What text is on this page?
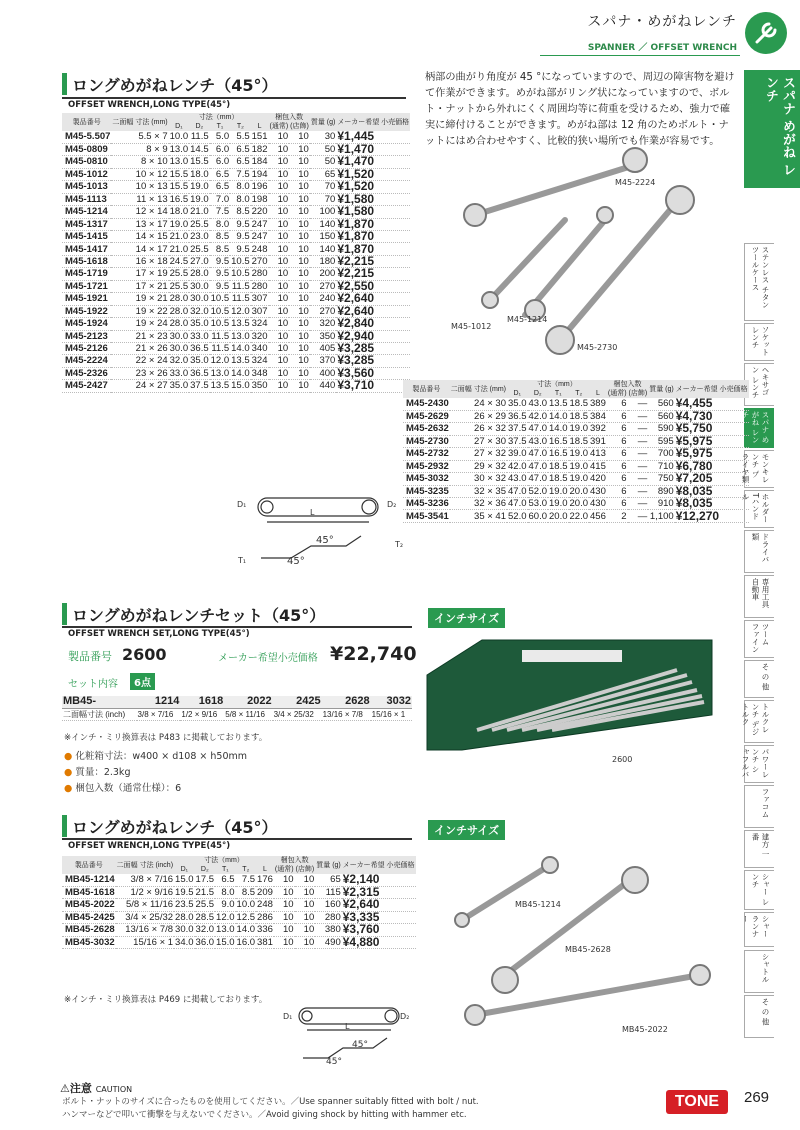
スパナ・めがねレンチ
SPANNER ／ OFFSET WRENCH
スパナ めがね レンチ
ステンレス チタン ツールケース
ソケット レンチ
ヘキサゴン レンチ
スパナ めがね レンチ
モンキレンチ プライヤ類
ホルダー Tハンドル
ドライバ類
専用工具 自動車
ツーム ファイン
そ の 他
トルクレンチ デジトルク
パワーレンチ シャフルバ
ファコム
建方 一番
シャー レンチ
シャー ランナー
シャトル
そ の 他
ロングめがねレンチ（45°）
OFFSET WRENCH,LONG TYPE(45°)
製品番号	二面幅 寸法 (mm)	寸法（mm）					梱包入数		質量 (g)	メーカー希望 小売価格
		D₁	D₂	T₁	T₂	L	(通常)	(店飾)		
M45-5.507	5.5 × 7	10.0	11.5	5.0	5.5	151	10	10	30	¥1,445
M45-0809	8 × 9	13.0	14.5	6.0	6.5	182	10	10	50	¥1,470
M45-0810	8 × 10	13.0	15.5	6.0	6.5	184	10	10	50	¥1,470
M45-1012	10 × 12	15.5	18.0	6.5	7.5	194	10	10	65	¥1,520
M45-1013	10 × 13	15.5	19.0	6.5	8.0	196	10	10	70	¥1,520
M45-1113	11 × 13	16.5	19.0	7.0	8.0	198	10	10	70	¥1,580
M45-1214	12 × 14	18.0	21.0	7.5	8.5	220	10	10	100	¥1,580
M45-1317	13 × 17	19.0	25.5	8.0	9.5	247	10	10	140	¥1,870
M45-1415	14 × 15	21.0	23.0	8.5	9.5	247	10	10	150	¥1,870
M45-1417	14 × 17	21.0	25.5	8.5	9.5	248	10	10	140	¥1,870
M45-1618	16 × 18	24.5	27.0	9.5	10.5	270	10	10	180	¥2,215
M45-1719	17 × 19	25.5	28.0	9.5	10.5	280	10	10	200	¥2,215
M45-1721	17 × 21	25.5	30.0	9.5	11.5	280	10	10	270	¥2,550
M45-1921	19 × 21	28.0	30.0	10.5	11.5	307	10	10	240	¥2,640
M45-1922	19 × 22	28.0	32.0	10.5	12.0	307	10	10	270	¥2,640
M45-1924	19 × 24	28.0	35.0	10.5	13.5	324	10	10	320	¥2,840
M45-2123	21 × 23	30.0	33.0	11.5	13.0	320	10	10	350	¥2,940
M45-2126	21 × 26	30.0	36.5	11.5	14.0	340	10	10	405	¥3,285
M45-2224	22 × 24	32.0	35.0	12.0	13.5	324	10	10	370	¥3,285
M45-2326	23 × 26	33.0	36.5	13.0	14.0	348	10	10	400	¥3,560
M45-2427	24 × 27	35.0	37.5	13.5	15.0	350	10	10	440	¥3,710
柄部の曲がり角度が 45 °になっていますので、周辺の障害物を避けて作業ができます。めがね部がリング状になっていますので、ボルト・ナットから外れにくく周囲均等に荷重を受けるため、強力で確実に締付けることができます。めがね部は 12 角のためボルト・ナットにはめ合わせやすく、比較的狭い場所でも作業が容易です。
M45-2224
M45-1012
M45-1214
M45-2730
製品番号	二面幅 寸法 (mm)	寸法（mm）					梱包入数		質量 (g)	メーカー希望 小売価格
		D₁	D₂	T₁	T₂	L	(通常)	(店飾)		
M45-2430	24 × 30	35.0	43.0	13.5	18.5	389	6	—	560	¥4,455
M45-2629	26 × 29	36.5	42.0	14.0	18.5	384	6	—	560	¥4,730
M45-2632	26 × 32	37.5	47.0	14.0	19.0	392	6	—	590	¥5,750
M45-2730	27 × 30	37.5	43.0	16.5	18.5	391	6	—	595	¥5,975
M45-2732	27 × 32	39.0	47.0	16.5	19.0	413	6	—	700	¥5,975
M45-2932	29 × 32	42.0	47.0	18.5	19.0	415	6	—	710	¥6,780
M45-3032	30 × 32	43.0	47.0	18.5	19.0	420	6	—	750	¥7,205
M45-3235	32 × 35	47.0	52.0	19.0	20.0	430	6	—	890	¥8,035
M45-3236	32 × 36	47.0	53.0	19.0	20.0	430	6	—	910	¥8,035
M45-3541	35 × 41	52.0	60.0	20.0	22.0	456	2	—	1,100	¥12,270
D₁	D₂
L
45°
45°
T₂
T₁
ロングめがねレンチセット（45°）
OFFSET WRENCH SET,LONG TYPE(45°)
インチサイズ
製品番号 2600	メーカー希望小売価格 ¥22,740
セット内容	6点
MB45-	1214	1618	2022	2425	2628	3032
二面幅寸法 (inch)	3/8 × 7/16	1/2 × 9/16	5/8 × 11/16	3/4 × 25/32	13/16 × 7/8	15/16 × 1
※インチ・ミリ換算表は P483 に掲載しております。
● 化粧箱寸法：w400 × d108 × h50mm
● 質量：2.3kg
● 梱包入数（通常仕様）：6
2600
ロングめがねレンチ（45°）
OFFSET WRENCH,LONG TYPE(45°)
インチサイズ
製品番号	二面幅 寸法 (inch)	寸法（mm）					梱包入数		質量 (g)	メーカー希望 小売価格
		D₁	D₂	T₁	T₂	L	(通常)	(店飾)		
MB45-1214	3/8 × 7/16	15.0	17.5	6.5	7.5	176	10	10	65	¥2,140
MB45-1618	1/2 × 9/16	19.5	21.5	8.0	8.5	209	10	10	115	¥2,315
MB45-2022	5/8 × 11/16	23.5	25.5	9.0	10.0	248	10	10	160	¥2,640
MB45-2425	3/4 × 25/32	28.0	28.5	12.0	12.5	286	10	10	280	¥3,335
MB45-2628	13/16 × 7/8	30.0	32.0	13.0	14.0	336	10	10	380	¥3,760
MB45-3032	15/16 × 1	34.0	36.0	15.0	16.0	381	10	10	490	¥4,880
※インチ・ミリ換算表は P469 に掲載しております。
MB45-1214
MB45-2628
MB45-2022
D₁	D₂
L
45°
45°
⚠注意 CAUTION
ボルト・ナットのサイズに合ったものを使用してください。／Use spanner suitably fitted with bolt / nut.
ハンマーなどで叩いて衝撃を与えないでください。／Avoid giving shock by hitting with hammer etc.
TONE	269
